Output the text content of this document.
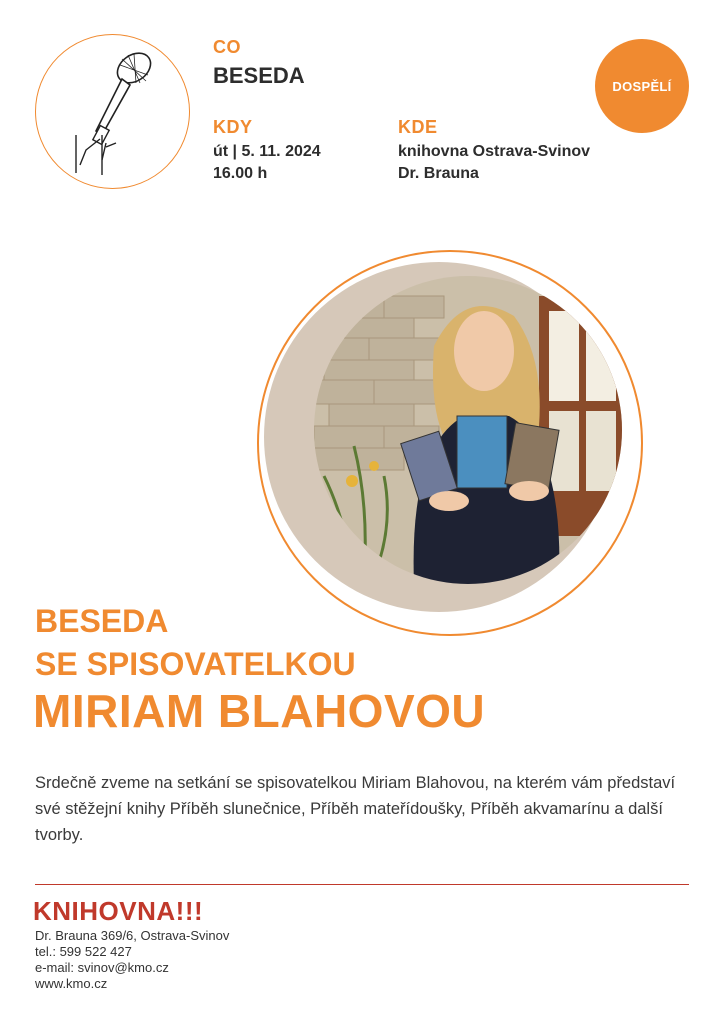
CO
BESEDA
KDY
út | 5. 11. 2024
16.00 h
KDE
knihovna Ostrava-Svinov
Dr. Brauna
DOSPĚLÍ
BESEDA
SE SPISOVATELKOU
MIRIAM BLAHOVOU
Srdečně zveme na setkání se spisovatelkou Miriam Blahovou, na kterém vám představí své stěžejní knihy Příběh slunečnice, Příběh mateřídoušky, Příběh akvamarínu a další tvorby.
KNIHOVNA!!!
Dr. Brauna 369/6, Ostrava-Svinov
tel.: 599 522 427
e-mail: svinov@kmo.cz
www.kmo.cz
